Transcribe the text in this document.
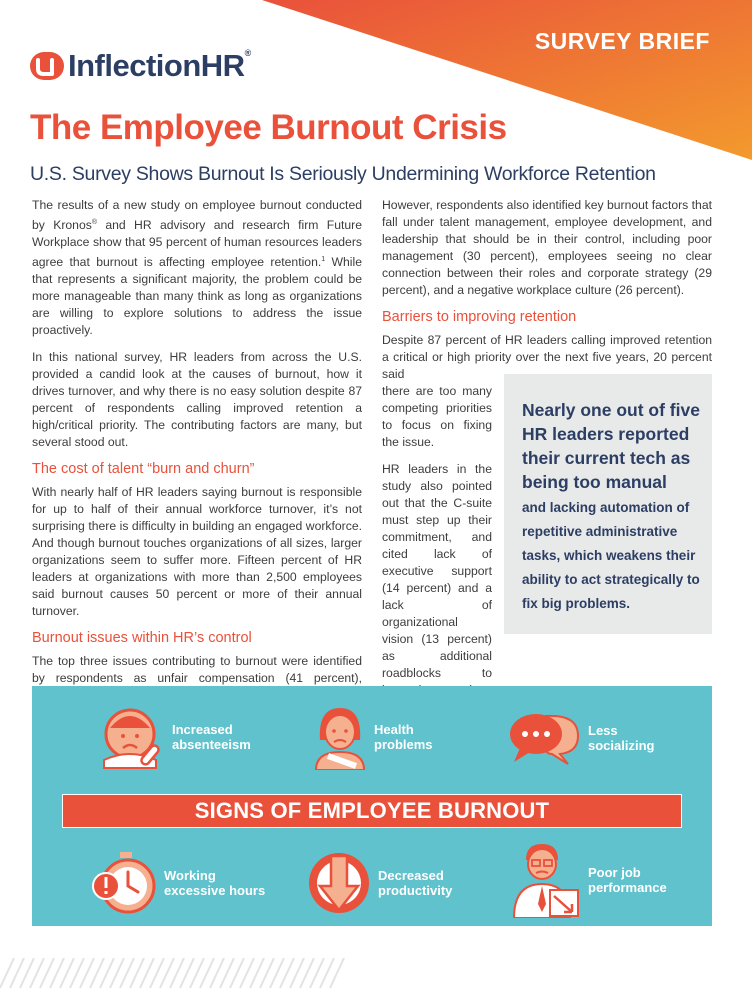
SURVEY BRIEF
InflectionHR®
The Employee Burnout Crisis
U.S. Survey Shows Burnout Is Seriously Undermining Workforce Retention

The results of a new study on employee burnout conducted by Kronos® and HR advisory and research firm Future Workplace show that 95 percent of human resources leaders agree that burnout is affecting employee retention.$^1$ While that represents a significant majority, the problem could be more manageable than many think as long as organizations are willing to explore solutions to address the issue proactively.

In this national survey, HR leaders from across the U.S. provided a candid look at the causes of burnout, how it drives turnover, and why there is no easy solution despite 87 percent of respondents calling improved retention a high/critical priority. The contributing factors are many, but several stood out.

The cost of talent “burn and churn”

With nearly half of HR leaders saying burnout is responsible for up to half of their annual workforce turnover, it’s not surprising there is difficulty in building an engaged workforce. And though burnout touches organizations of all sizes, larger organizations seem to suffer more. Fifteen percent of HR leaders at organizations with more than 2,500 employees said burnout causes 50 percent or more of their annual turnover.

Burnout issues within HR’s control

The top three issues contributing to burnout were identified by respondents as unfair compensation (41 percent),

However, respondents also identified key burnout factors that fall under talent management, employee development, and leadership that should be in their control, including poor management (30 percent), employees seeing no clear connection between their roles and corporate strategy (29 percent), and a negative workplace culture (26 percent).

Barriers to improving retention

Despite 87 percent of HR leaders calling improved retention a critical or high priority over the next five years, 20 percent said

there are too many competing priorities to focus on fixing the issue.

HR leaders in the study also pointed out that the C-suite must step up their commitment, and cited lack of executive support (14 percent) and a lack of organizational vision (13 percent) as additional roadblocks to

Nearly one out of five HR leaders reported their current tech as being too manual
and lacking automation of repetitive administrative tasks, which weakens their ability to act strategically to fix big problems.
Increased
absenteeism
Health
problems
Less
socializing
SIGNS OF EMPLOYEE BURNOUT
Working
excessive hours
Decreased
productivity
Poor job
performance
